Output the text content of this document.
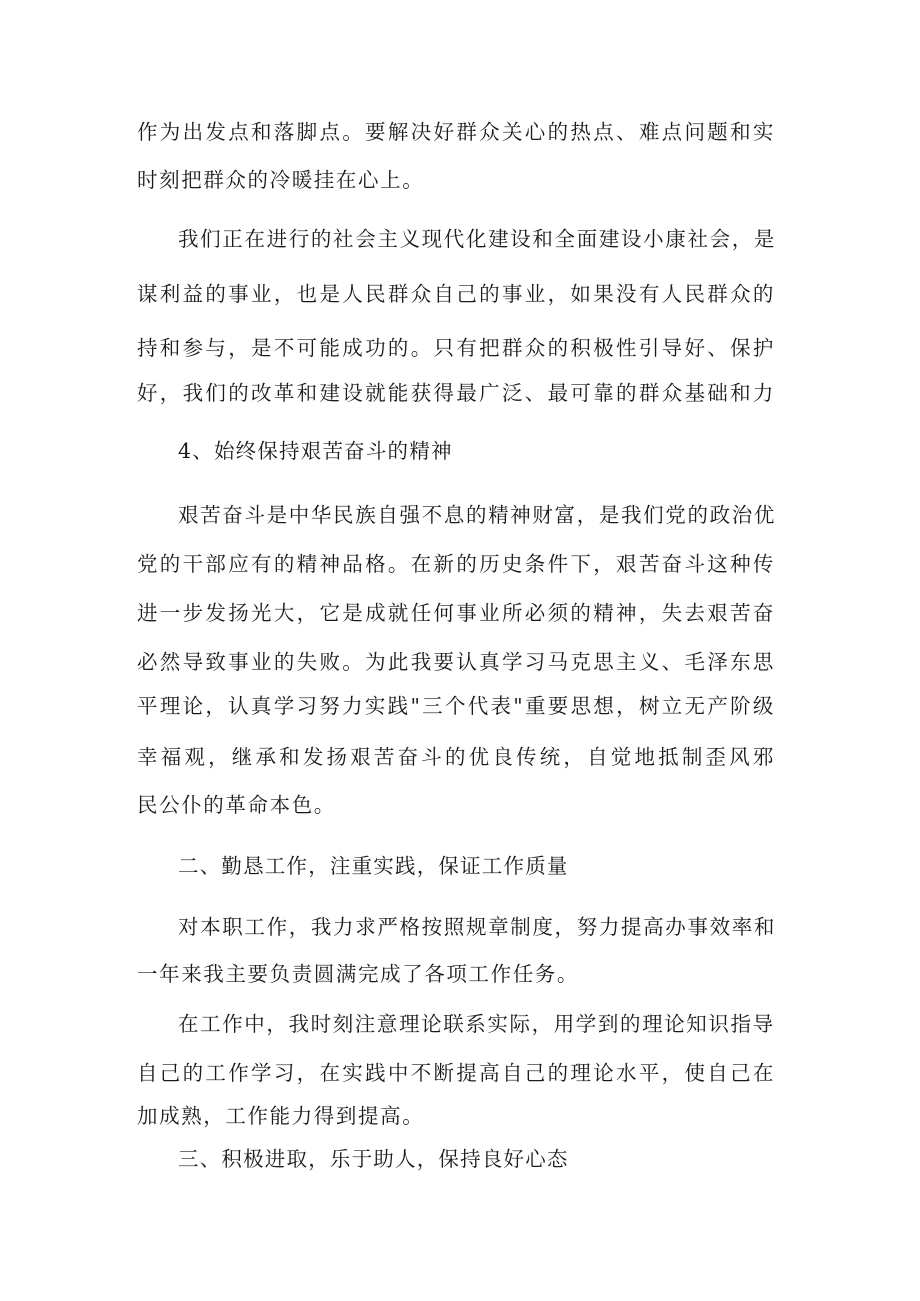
作为出发点和落脚点。要解决好群众关心的热点、难点问题和实

时刻把群众的冷暖挂在心上。

我们正在进行的社会主义现代化建设和全面建设小康社会，是

谋利益的事业，也是人民群众自己的事业，如果没有人民群众的

持和参与，是不可能成功的。只有把群众的积极性引导好、保护

好，我们的改革和建设就能获得最广泛、最可靠的群众基础和力

4、始终保持艰苦奋斗的精神

艰苦奋斗是中华民族自强不息的精神财富，是我们党的政治优

党的干部应有的精神品格。在新的历史条件下，艰苦奋斗这种传

进一步发扬光大，它是成就任何事业所必须的精神，失去艰苦奋

必然导致事业的失败。为此我要认真学习马克思主义、毛泽东思

平理论，认真学习努力实践"三个代表"重要思想，树立无产阶级

幸福观，继承和发扬艰苦奋斗的优良传统，自觉地抵制歪风邪

民公仆的革命本色。

二、勤恳工作，注重实践，保证工作质量

对本职工作，我力求严格按照规章制度，努力提高办事效率和

一年来我主要负责圆满完成了各项工作任务。

在工作中，我时刻注意理论联系实际，用学到的理论知识指导

自己的工作学习，在实践中不断提高自己的理论水平，使自己在

加成熟，工作能力得到提高。

三、积极进取，乐于助人，保持良好心态
